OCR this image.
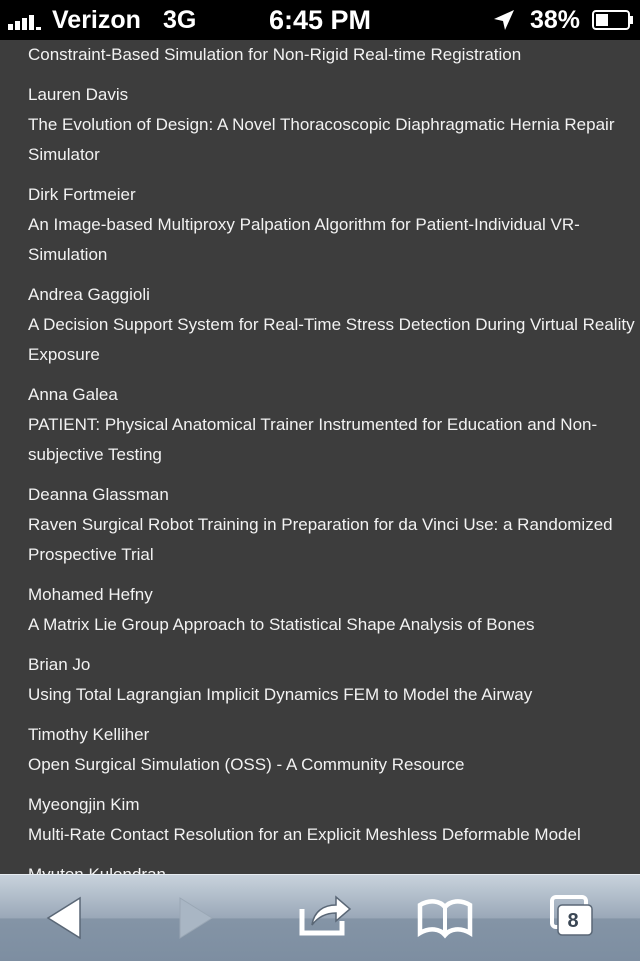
Verizon 3G	6:45 PM	38%

Constraint-Based Simulation for Non-Rigid Real-time Registration

Lauren Davis

The Evolution of Design: A Novel Thoracoscopic Diaphragmatic Hernia Repair Simulator

Dirk Fortmeier

An Image-based Multiproxy Palpation Algorithm for Patient-Individual VR-Simulation

Andrea Gaggioli

A Decision Support System for Real-Time Stress Detection During Virtual Reality Exposure

Anna Galea

PATIENT: Physical Anatomical Trainer Instrumented for Education and Non-subjective Testing

Deanna Glassman

Raven Surgical Robot Training in Preparation for da Vinci Use: a Randomized Prospective Trial

Mohamed Hefny

A Matrix Lie Group Approach to Statistical Shape Analysis of Bones

Brian Jo

Using Total Lagrangian Implicit Dynamics FEM to Model the Airway

Timothy Kelliher

Open Surgical Simulation (OSS) - A Community Resource

Myeongjin Kim

Multi-Rate Contact Resolution for an Explicit Meshless Deformable Model

8
